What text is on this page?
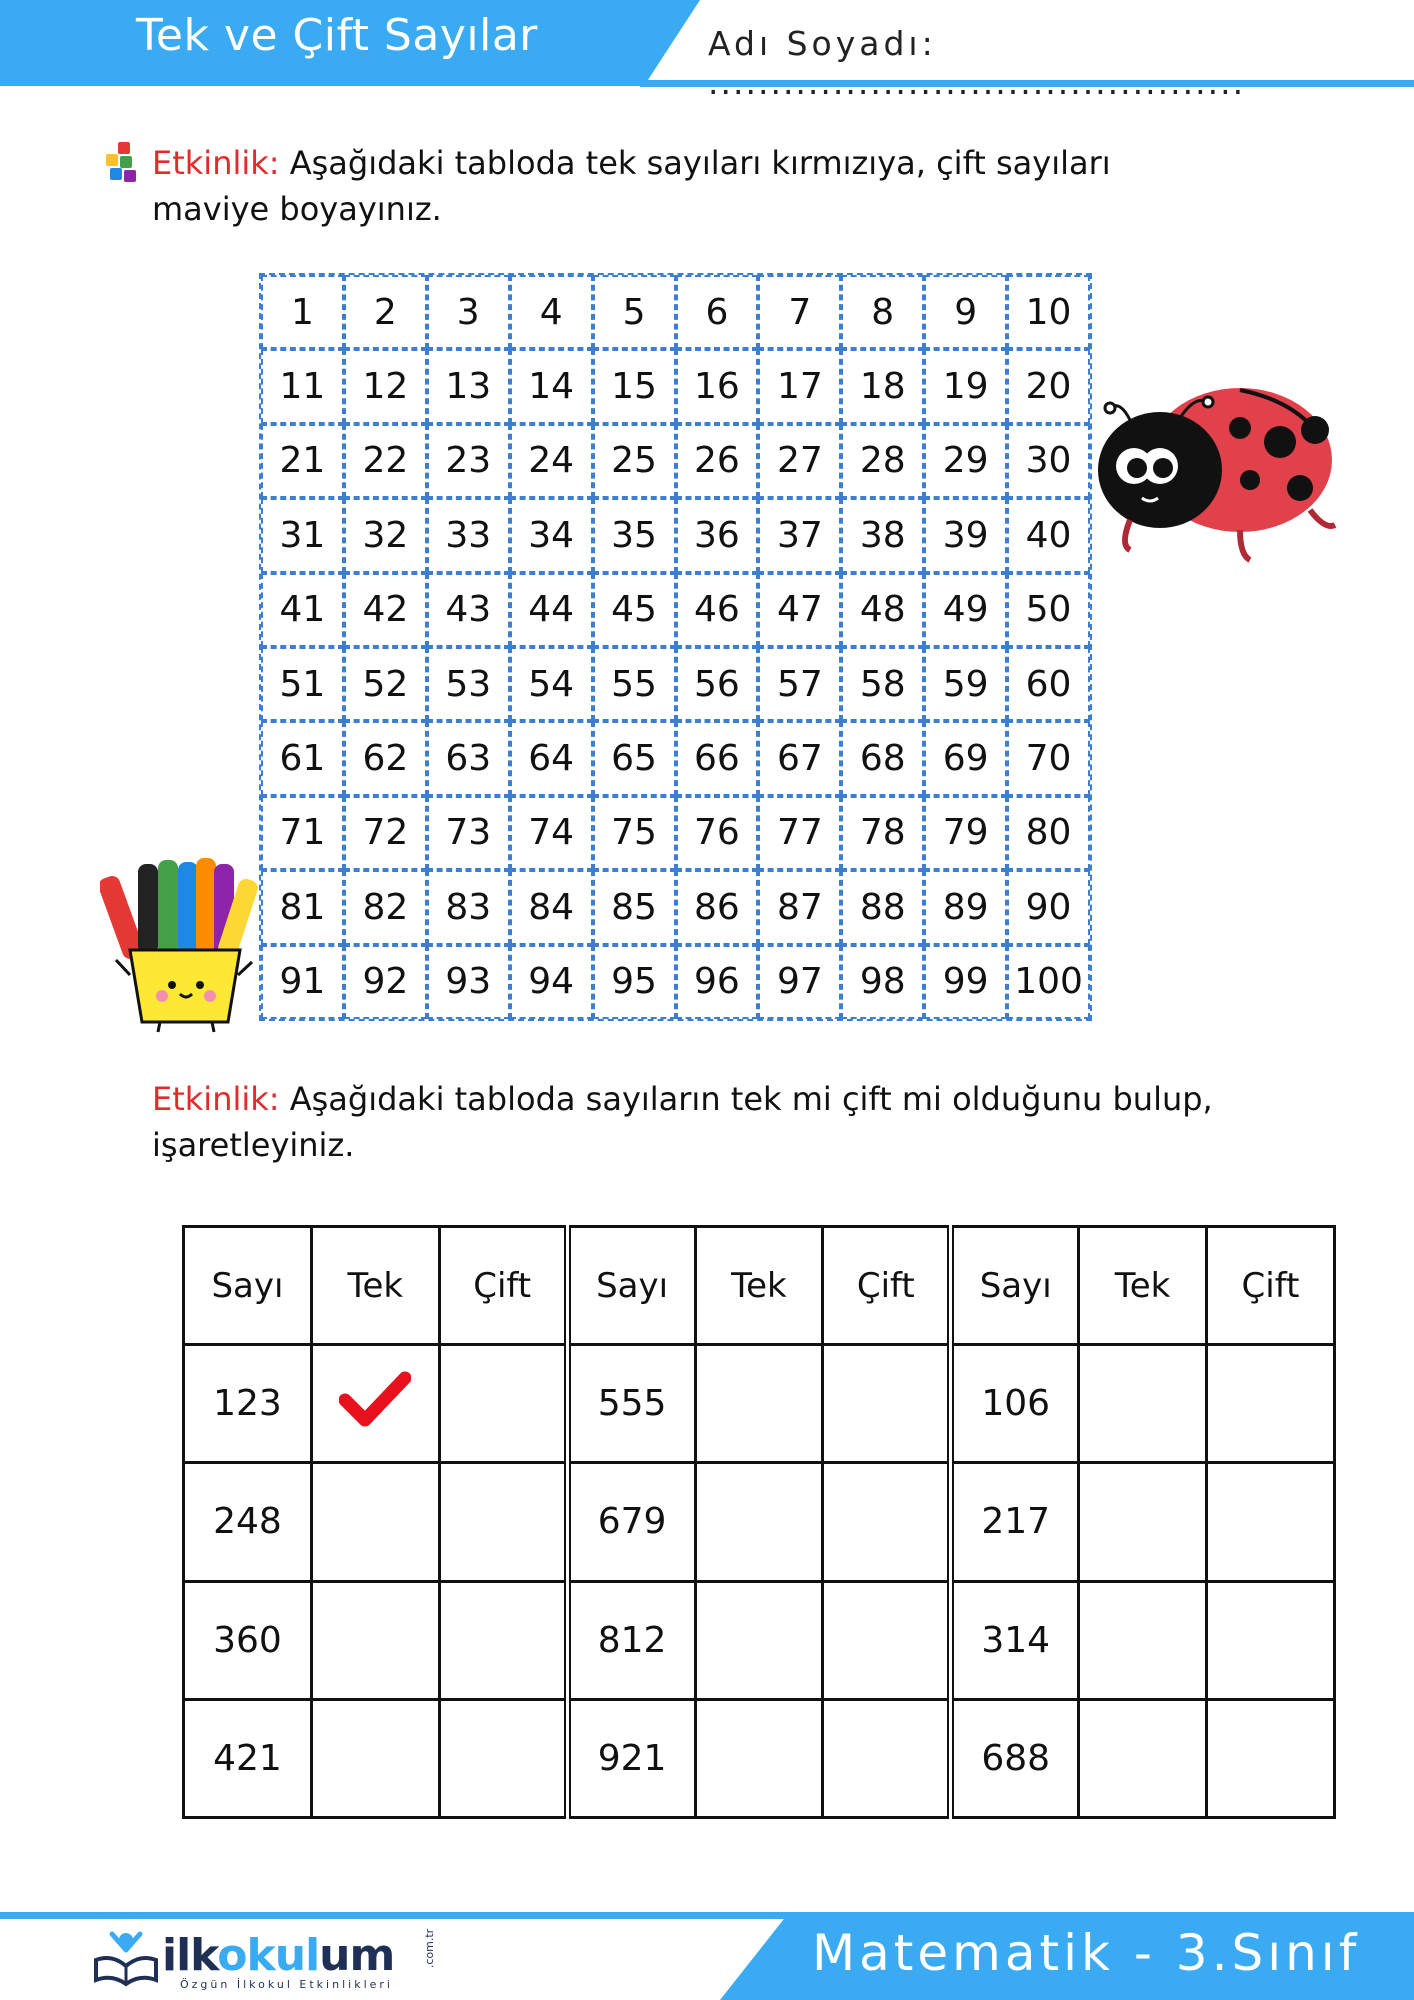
Tek ve Çift Sayılar	Adı Soyadı: ...........................................
Etkinlik: Aşağıdaki tabloda tek sayıları kırmızıya, çift sayıları maviye boyayınız.
1	2	3	4	5	6	7	8	9	10
11	12	13	14	15	16	17	18	19	20
21	22	23	24	25	26	27	28	29	30
31	32	33	34	35	36	37	38	39	40
41	42	43	44	45	46	47	48	49	50
51	52	53	54	55	56	57	58	59	60
61	62	63	64	65	66	67	68	69	70
71	72	73	74	75	76	77	78	79	80
81	82	83	84	85	86	87	88	89	90
91	92	93	94	95	96	97	98	99 100
Etkinlik: Aşağıdaki tabloda sayıların tek mi çift mi olduğunu bulup, işaretleyiniz.
Sayı	Tek	Çift	Sayı	Tek	Çift	Sayı	Tek	Çift
123			555			106		
248			679			217		
360			812			314		
421			921			688		
Matematik - 3.Sınıf
ilkokulum	.com.tr
Özgün İlkokul Etkinlikleri
